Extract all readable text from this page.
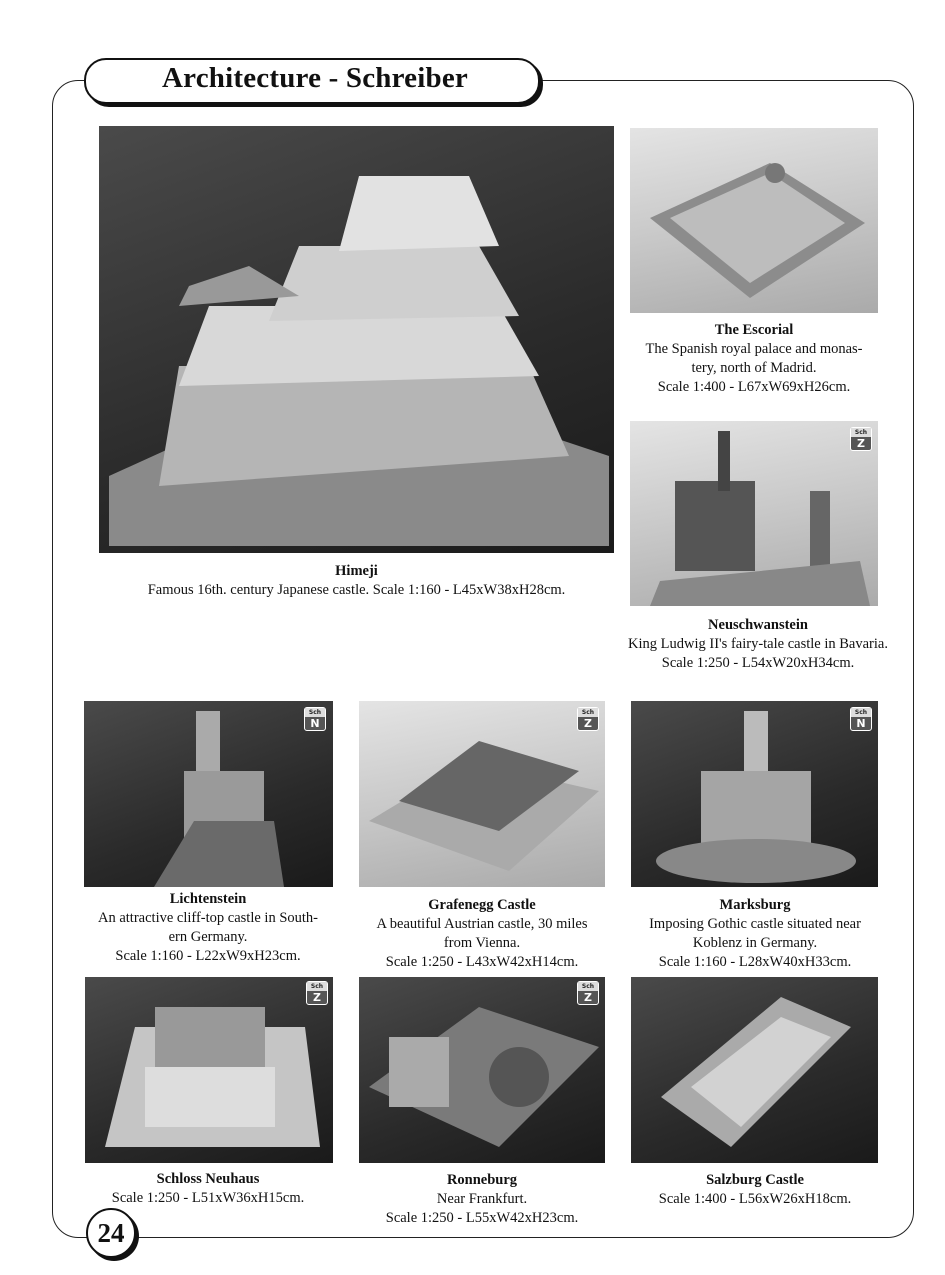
Architecture - Schreiber
Sch
Z
Sch
N
Sch
Z
Sch
N
Sch
Z
Sch
Z
Himeji
Famous 16th. century Japanese castle. Scale 1:160 - L45xW38xH28cm.
The Escorial
The Spanish royal palace and monas-
tery, north of Madrid.
Scale 1:400 - L67xW69xH26cm.
Neuschwanstein
King Ludwig II's fairy-tale castle in Bavaria.
Scale 1:250 - L54xW20xH34cm.
Lichtenstein
An attractive cliff-top castle in South-
ern Germany.
Scale 1:160 - L22xW9xH23cm.
Grafenegg Castle
A beautiful Austrian castle, 30 miles
from Vienna.
Scale 1:250 - L43xW42xH14cm.
Marksburg
Imposing Gothic castle situated near
Koblenz in Germany.
Scale 1:160 - L28xW40xH33cm.
Schloss Neuhaus
Scale 1:250 - L51xW36xH15cm.
Ronneburg
Near Frankfurt.
Scale 1:250 - L55xW42xH23cm.
Salzburg Castle
Scale 1:400 - L56xW26xH18cm.
24
